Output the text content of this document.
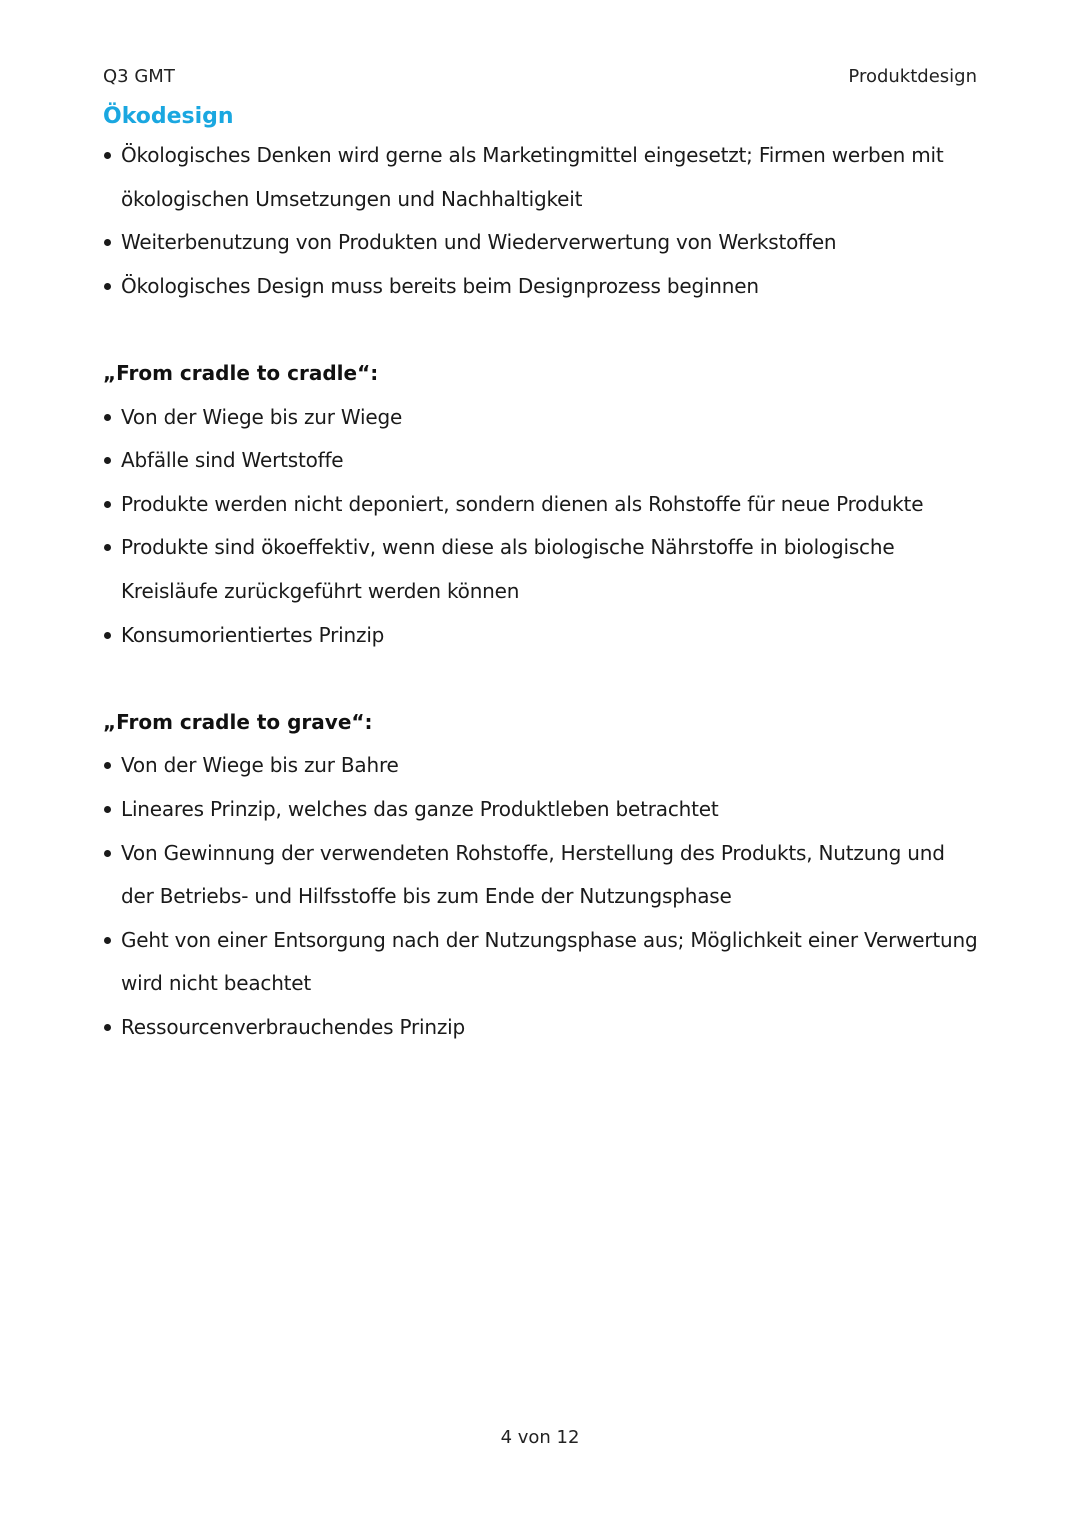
Q3 GMT	Produktdesign
Ökodesign
Ökologisches Denken wird gerne als Marketingmittel eingesetzt; Firmen werben mit ökologischen Umsetzungen und Nachhaltigkeit
Weiterbenutzung von Produkten und Wiederverwertung von Werkstoffen
Ökologisches Design muss bereits beim Designprozess beginnen
„From cradle to cradle“:
Von der Wiege bis zur Wiege
Abfälle sind Wertstoffe
Produkte werden nicht deponiert, sondern dienen als Rohstoffe für neue Produkte
Produkte sind ökoeffektiv, wenn diese als biologische Nährstoffe in biologische Kreisläufe zurückgeführt werden können
Konsumorientiertes Prinzip
„From cradle to grave“:
Von der Wiege bis zur Bahre
Lineares Prinzip, welches das ganze Produktleben betrachtet
Von Gewinnung der verwendeten Rohstoffe, Herstellung des Produkts, Nutzung und der Betriebs- und Hilfsstoffe bis zum Ende der Nutzungsphase
Geht von einer Entsorgung nach der Nutzungsphase aus; Möglichkeit einer Verwertung wird nicht beachtet
Ressourcenverbrauchendes Prinzip
4 von 12
